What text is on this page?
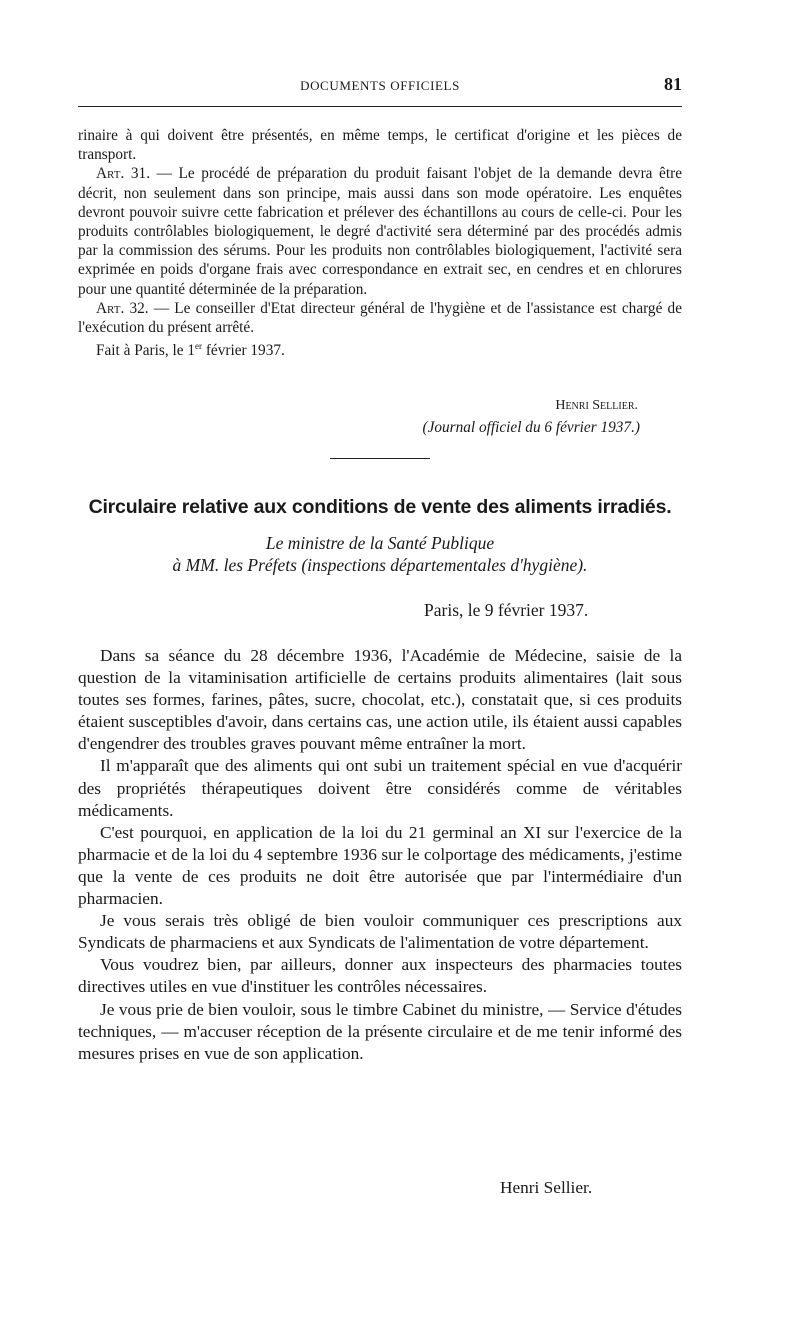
DOCUMENTS OFFICIELS	81

rinaire à qui doivent être présentés, en même temps, le certificat d'origine et les pièces de transport.

Art. 31. — Le procédé de préparation du produit faisant l'objet de la demande devra être décrit, non seulement dans son principe, mais aussi dans son mode opératoire. Les enquêtes devront pouvoir suivre cette fabrication et prélever des échantillons au cours de celle-ci. Pour les produits contrôlables biologiquement, le degré d'activité sera déterminé par des procédés admis par la commission des sérums. Pour les produits non contrôlables biologiquement, l'activité sera exprimée en poids d'organe frais avec correspondance en extrait sec, en cendres et en chlorures pour une quantité déterminée de la préparation.

Art. 32. — Le conseiller d'Etat directeur général de l'hygiène et de l'assistance est chargé de l'exécution du présent arrêté.

Fait à Paris, le 1er février 1937.

Henri Sellier.
(Journal officiel du 6 février 1937.)
Circulaire relative aux conditions de vente des aliments irradiés.

Le ministre de la Santé Publique

à MM. les Préfets (inspections départementales d'hygiène).

Paris, le 9 février 1937.

Dans sa séance du 28 décembre 1936, l'Académie de Médecine, saisie de la question de la vitaminisation artificielle de certains produits alimentaires (lait sous toutes ses formes, farines, pâtes, sucre, chocolat, etc.), constatait que, si ces produits étaient susceptibles d'avoir, dans certains cas, une action utile, ils étaient aussi capables d'engendrer des troubles graves pouvant même entraîner la mort.

Il m'apparaît que des aliments qui ont subi un traitement spécial en vue d'acquérir des propriétés thérapeutiques doivent être considérés comme de véritables médicaments.

C'est pourquoi, en application de la loi du 21 germinal an XI sur l'exercice de la pharmacie et de la loi du 4 septembre 1936 sur le colportage des médicaments, j'estime que la vente de ces produits ne doit être autorisée que par l'intermédiaire d'un pharmacien.

Je vous serais très obligé de bien vouloir communiquer ces prescriptions aux Syndicats de pharmaciens et aux Syndicats de l'alimentation de votre département.

Vous voudrez bien, par ailleurs, donner aux inspecteurs des pharmacies toutes directives utiles en vue d'instituer les contrôles nécessaires.

Je vous prie de bien vouloir, sous le timbre Cabinet du ministre, — Service d'études techniques, — m'accuser réception de la présente circulaire et de me tenir informé des mesures prises en vue de son application.

Henri Sellier.
